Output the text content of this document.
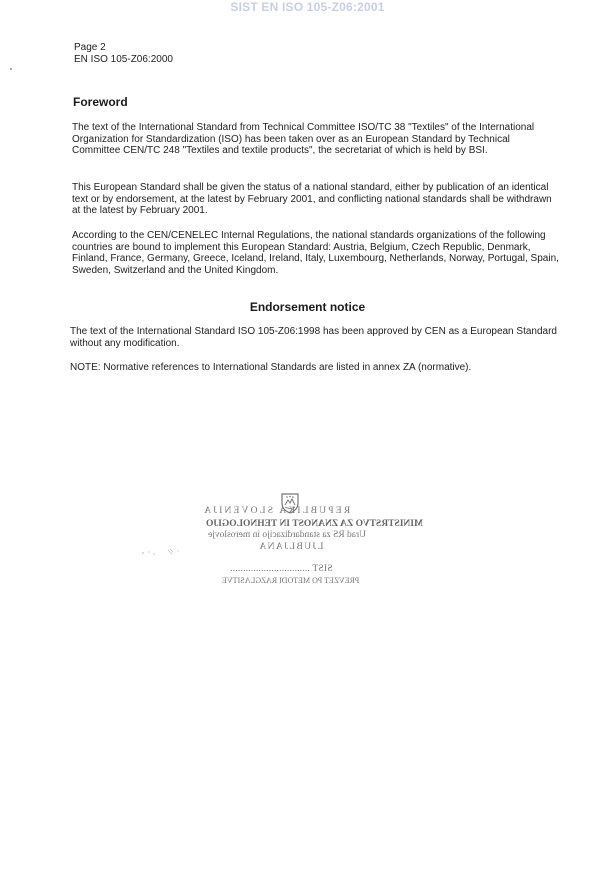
SIST EN ISO 105-Z06:2001
Page 2
EN ISO 105-Z06:2000
Foreword

The text of the International Standard from Technical Committee ISO/TC 38 "Textiles" of the International Organization for Standardization (ISO) has been taken over as an European Standard by Technical Committee CEN/TC 248 "Textiles and textile products", the secretariat of which is held by BSI.

This European Standard shall be given the status of a national standard, either by publication of an identical text or by endorsement, at the latest by February 2001, and conflicting national standards shall be withdrawn at the latest by February 2001.

According to the CEN/CENELEC Internal Regulations, the national standards organizations of the following countries are bound to implement this European Standard: Austria, Belgium, Czech Republic, Denmark, Finland, France, Germany, Greece, Iceland, Ireland, Italy, Luxembourg, Netherlands, Norway, Portugal, Spain, Sweden, Switzerland and the United Kingdom.

Endorsement notice

The text of the International Standard ISO 105-Z06:1998 has been approved by CEN as a European Standard without any modification.

NOTE: Normative references to International Standards are listed in annex ZA (normative).

REPUBLIKA SLOVENIJA
MINISTRSTVO ZA ZNANOST IN TEHNOLOGIJO
Urad RS za standardizacijo in meroslovje
LJUBLJANA
SIST ...............................
PREVZET PO METODI RAZGLASITVE
